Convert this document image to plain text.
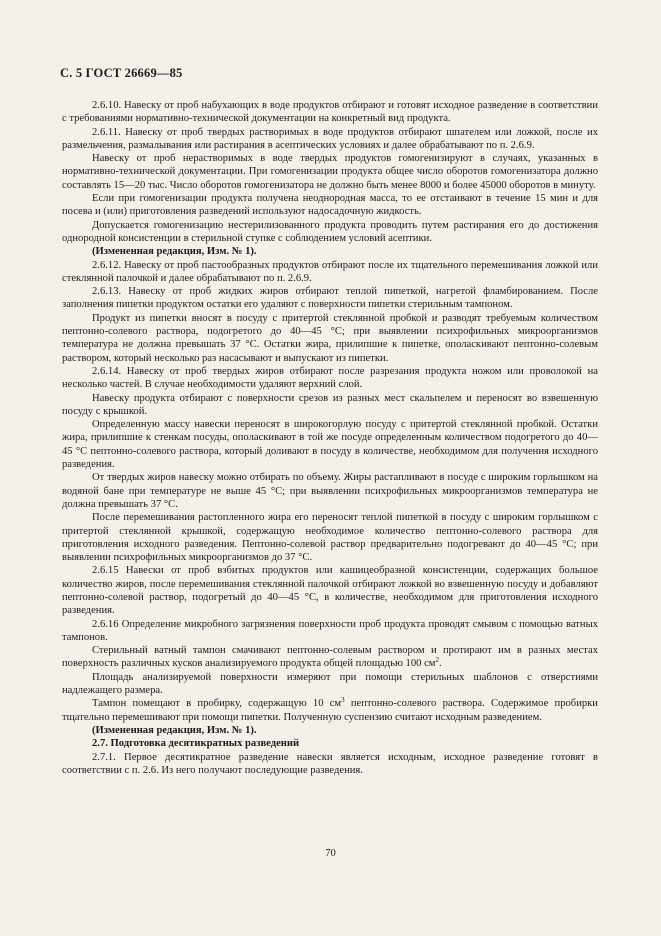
С. 5 ГОСТ 26669—85

2.6.10. Навеску от проб набухающих в воде продуктов отбирают и готовят исходное разведение в соответствии с требованиями нормативно-технической документации на конкретный вид продукта.

2.6.11. Навеску от проб твердых растворимых в воде продуктов отбирают шпателем или ложкой, после их размельчения, размалывания или растирания в асептических условиях и далее обрабатывают по п. 2.6.9.

Навеску от проб нерастворимых в воде твердых продуктов гомогенизируют в случаях, указанных в нормативно-технической документации. При гомогенизации продукта общее число оборотов гомогенизатора должно составлять 15—20 тыс. Число оборотов гомогенизатора не должно быть менее 8000 и более 45000 оборотов в минуту.

Если при гомогенизации продукта получена неоднородная масса, то ее отстаивают в течение 15 мин и для посева и (или) приготовления разведений используют надосадочную жидкость.

Допускается гомогенизацию нестерилизованного продукта проводить путем растирания его до достижения однородной консистенции в стерильной ступке с соблюдением условий асептики.

(Измененная редакция, Изм. № 1).

2.6.12. Навеску от проб пастообразных продуктов отбирают после их тщательного перемешивания ложкой или стеклянной палочкой и далее обрабатывают по п. 2.6.9.

2.6.13. Навеску от проб жидких жиров отбирают теплой пипеткой, нагретой фламбированием. После заполнения пипетки продуктом остатки его удаляют с поверхности пипетки стерильным тампоном.

Продукт из пипетки вносят в посуду с притертой стеклянной пробкой и разводят требуемым количеством пептонно-солевого раствора, подогретого до 40—45 °С; при выявлении психрофильных микроорганизмов температура не должна превышать 37 °С. Остатки жира, прилипшие к пипетке, ополаскивают пептонно-солевым раствором, который несколько раз насасывают и выпускают из пипетки.

2.6.14. Навеску от проб твердых жиров отбирают после разрезания продукта ножом или проволокой на несколько частей. В случае необходимости удаляют верхний слой.

Навеску продукта отбирают с поверхности срезов из разных мест скальпелем и переносят во взвешенную посуду с крышкой.

Определенную массу навески переносят в широкогорлую посуду с притертой стеклянной пробкой. Остатки жира, прилипшие к стенкам посуды, ополаскивают в той же посуде определенным количеством подогретого до 40—45 °С пептонно-солевого раствора, который доливают в посуду в количестве, необходимом для получения исходного разведения.

От твердых жиров навеску можно отбирать по объему. Жиры растапливают в посуде с широким горлышком на водяной бане при температуре не выше 45 °С; при выявлении психрофильных микроорганизмов температура не должна превышать 37 °С.

После перемешивания растопленного жира его переносят теплой пипеткой в посуду с широким горлышком с притертой стеклянной крышкой, содержащую необходимое количество пептонно-солевого раствора для приготовления исходного разведения. Пептонно-солевой раствор предварительно подогревают до 40—45 °С; при выявлении психрофильных микроорганизмов до 37 °С.

2.6.15 Навески от проб взбитых продуктов или кашицеобразной консистенции, содержащих большое количество жиров, после перемешивания стеклянной палочкой отбирают ложкой во взвешенную посуду и добавляют пептонно-солевой раствор, подогретый до 40—45 °С, в количестве, необходимом для приготовления исходного разведения.

2.6.16 Определение микробного загрязнения поверхности проб продукта проводят смывом с помощью ватных тампонов.

Стерильный ватный тампон смачивают пептонно-солевым раствором и протирают им в разных местах поверхность различных кусков анализируемого продукта общей площадью 100 $см^2$.

Площадь анализируемой поверхности измеряют при помощи стерильных шаблонов с отверстиями надлежащего размера.

Тампон помещают в пробирку, содержащую 10 $см^3$ пептонно-солевого раствора. Содержимое пробирки тщательно перемешивают при помощи пипетки. Полученную суспензию считают исходным разведением.

(Измененная редакция, Изм. № 1).

2.7. Подготовка десятикратных разведений

2.7.1. Первое десятикратное разведение навески является исходным, исходное разведение готовят в соответствии с п. 2.6. Из него получают последующие разведения.

70
